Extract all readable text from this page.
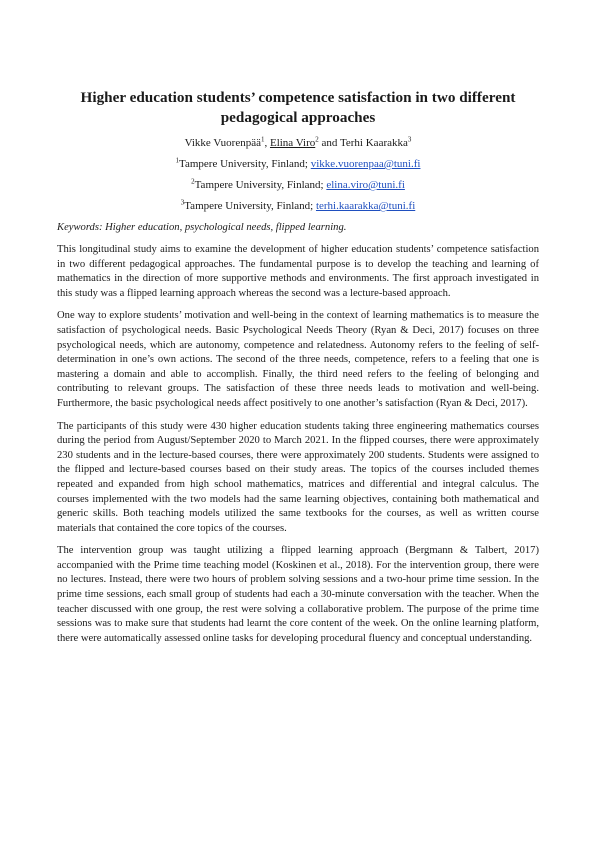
Higher education students’ competence satisfaction in two different pedagogical approaches

Vikke Vuorenpää$^1$, Elina Viro$^2$ and Terhi Kaarakka$^3$

$^1$Tampere University, Finland; vikke.vuorenpaa@tuni.fi

$^2$Tampere University, Finland; elina.viro@tuni.fi

$^3$Tampere University, Finland; terhi.kaarakka@tuni.fi

Keywords: Higher education, psychological needs, flipped learning.

This longitudinal study aims to examine the development of higher education students’ competence satisfaction in two different pedagogical approaches. The fundamental purpose is to develop the teaching and learning of mathematics in the direction of more supportive methods and environments. The first approach investigated in this study was a flipped learning approach whereas the second was a lecture-based approach.

One way to explore students’ motivation and well-being in the context of learning mathematics is to measure the satisfaction of psychological needs. Basic Psychological Needs Theory (Ryan & Deci, 2017) focuses on three psychological needs, which are autonomy, competence and relatedness. Autonomy refers to the feeling of self-determination in one’s own actions. The second of the three needs, competence, refers to a feeling that one is mastering a domain and able to accomplish. Finally, the third need refers to the feeling of belonging and contributing to relevant groups. The satisfaction of these three needs leads to motivation and well-being. Furthermore, the basic psychological needs affect positively to one another’s satisfaction (Ryan & Deci, 2017).

The participants of this study were 430 higher education students taking three engineering mathematics courses during the period from August/September 2020 to March 2021. In the flipped courses, there were approximately 230 students and in the lecture-based courses, there were approximately 200 students. Students were assigned to the flipped and lecture-based courses based on their study areas. The topics of the courses included themes repeated and expanded from high school mathematics, matrices and differential and integral calculus. The courses implemented with the two models had the same learning objectives, containing both mathematical and generic skills. Both teaching models utilized the same textbooks for the courses, as well as written course materials that contained the core topics of the courses.

The intervention group was taught utilizing a flipped learning approach (Bergmann & Talbert, 2017) accompanied with the Prime time teaching model (Koskinen et al., 2018). For the intervention group, there were no lectures. Instead, there were two hours of problem solving sessions and a two-hour prime time session. In the prime time sessions, each small group of students had each a 30-minute conversation with the teacher. When the teacher discussed with one group, the rest were solving a collaborative problem. The purpose of the prime time sessions was to make sure that students had learnt the core content of the week. On the online learning platform, there were automatically assessed online tasks for developing procedural fluency and conceptual understanding.
